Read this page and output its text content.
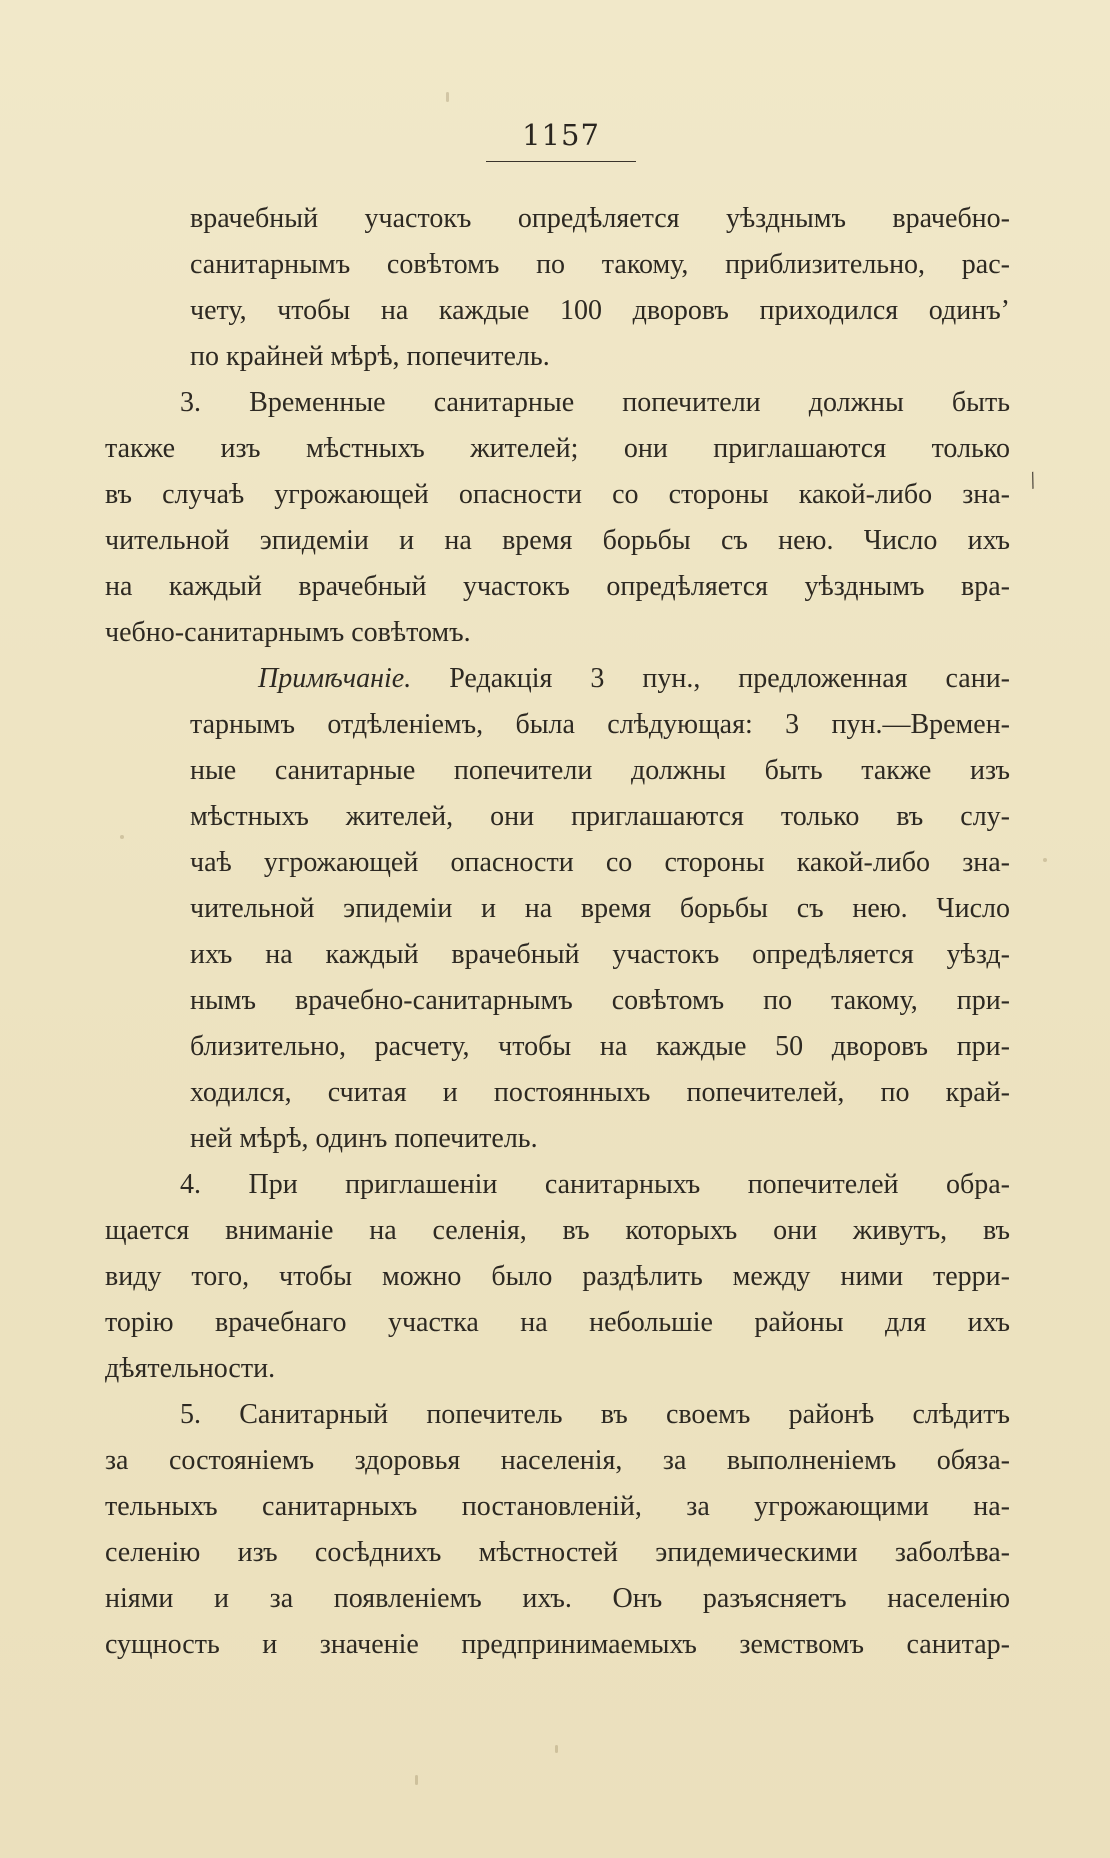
1157
врачебный участокъ опредѣляется уѣзднымъ врачебно-
санитарнымъ совѣтомъ по такому, приблизительно, рас-
чету, чтобы на каждые 100 дворовъ приходился одинъ’
по крайней мѣрѣ, попечитель.
3. Временные санитарные попечители должны быть
также изъ мѣстныхъ жителей; они приглашаются только
въ случаѣ угрожающей опасности со стороны какой-либо зна-
чительной эпидеміи и на время борьбы съ нею. Число ихъ
на каждый врачебный участокъ опредѣляется уѣзднымъ вра-
чебно-санитарнымъ совѣтомъ.
Примѣчаніе. Редакція 3 пун., предложенная сани-
тарнымъ отдѣленіемъ, была слѣдующая: 3 пун.—Времен-
ные санитарные попечители должны быть также изъ
мѣстныхъ жителей, они приглашаются только въ слу-
чаѣ угрожающей опасности со стороны какой-либо зна-
чительной эпидеміи и на время борьбы съ нею. Число
ихъ на каждый врачебный участокъ опредѣляется уѣзд-
нымъ врачебно-санитарнымъ совѣтомъ по такому, при-
близительно, расчету, чтобы на каждые 50 дворовъ при-
ходился, считая и постоянныхъ попечителей, по край-
ней мѣрѣ, одинъ попечитель.
4. При приглашеніи санитарныхъ попечителей обра-
щается вниманіе на селенія, въ которыхъ они живутъ, въ
виду того, чтобы можно было раздѣлить между ними терри-
торію врачебнаго участка на небольшіе районы для ихъ
дѣятельности.
5. Санитарный попечитель въ своемъ районѣ слѣдитъ
за состояніемъ здоровья населенія, за выполненіемъ обяза-
тельныхъ санитарныхъ постановленій, за угрожающими на-
селенію изъ сосѣднихъ мѣстностей эпидемическими заболѣва-
ніями и за появленіемъ ихъ. Онъ разъясняетъ населенію
сущность и значеніе предпринимаемыхъ земствомъ санитар-
/
